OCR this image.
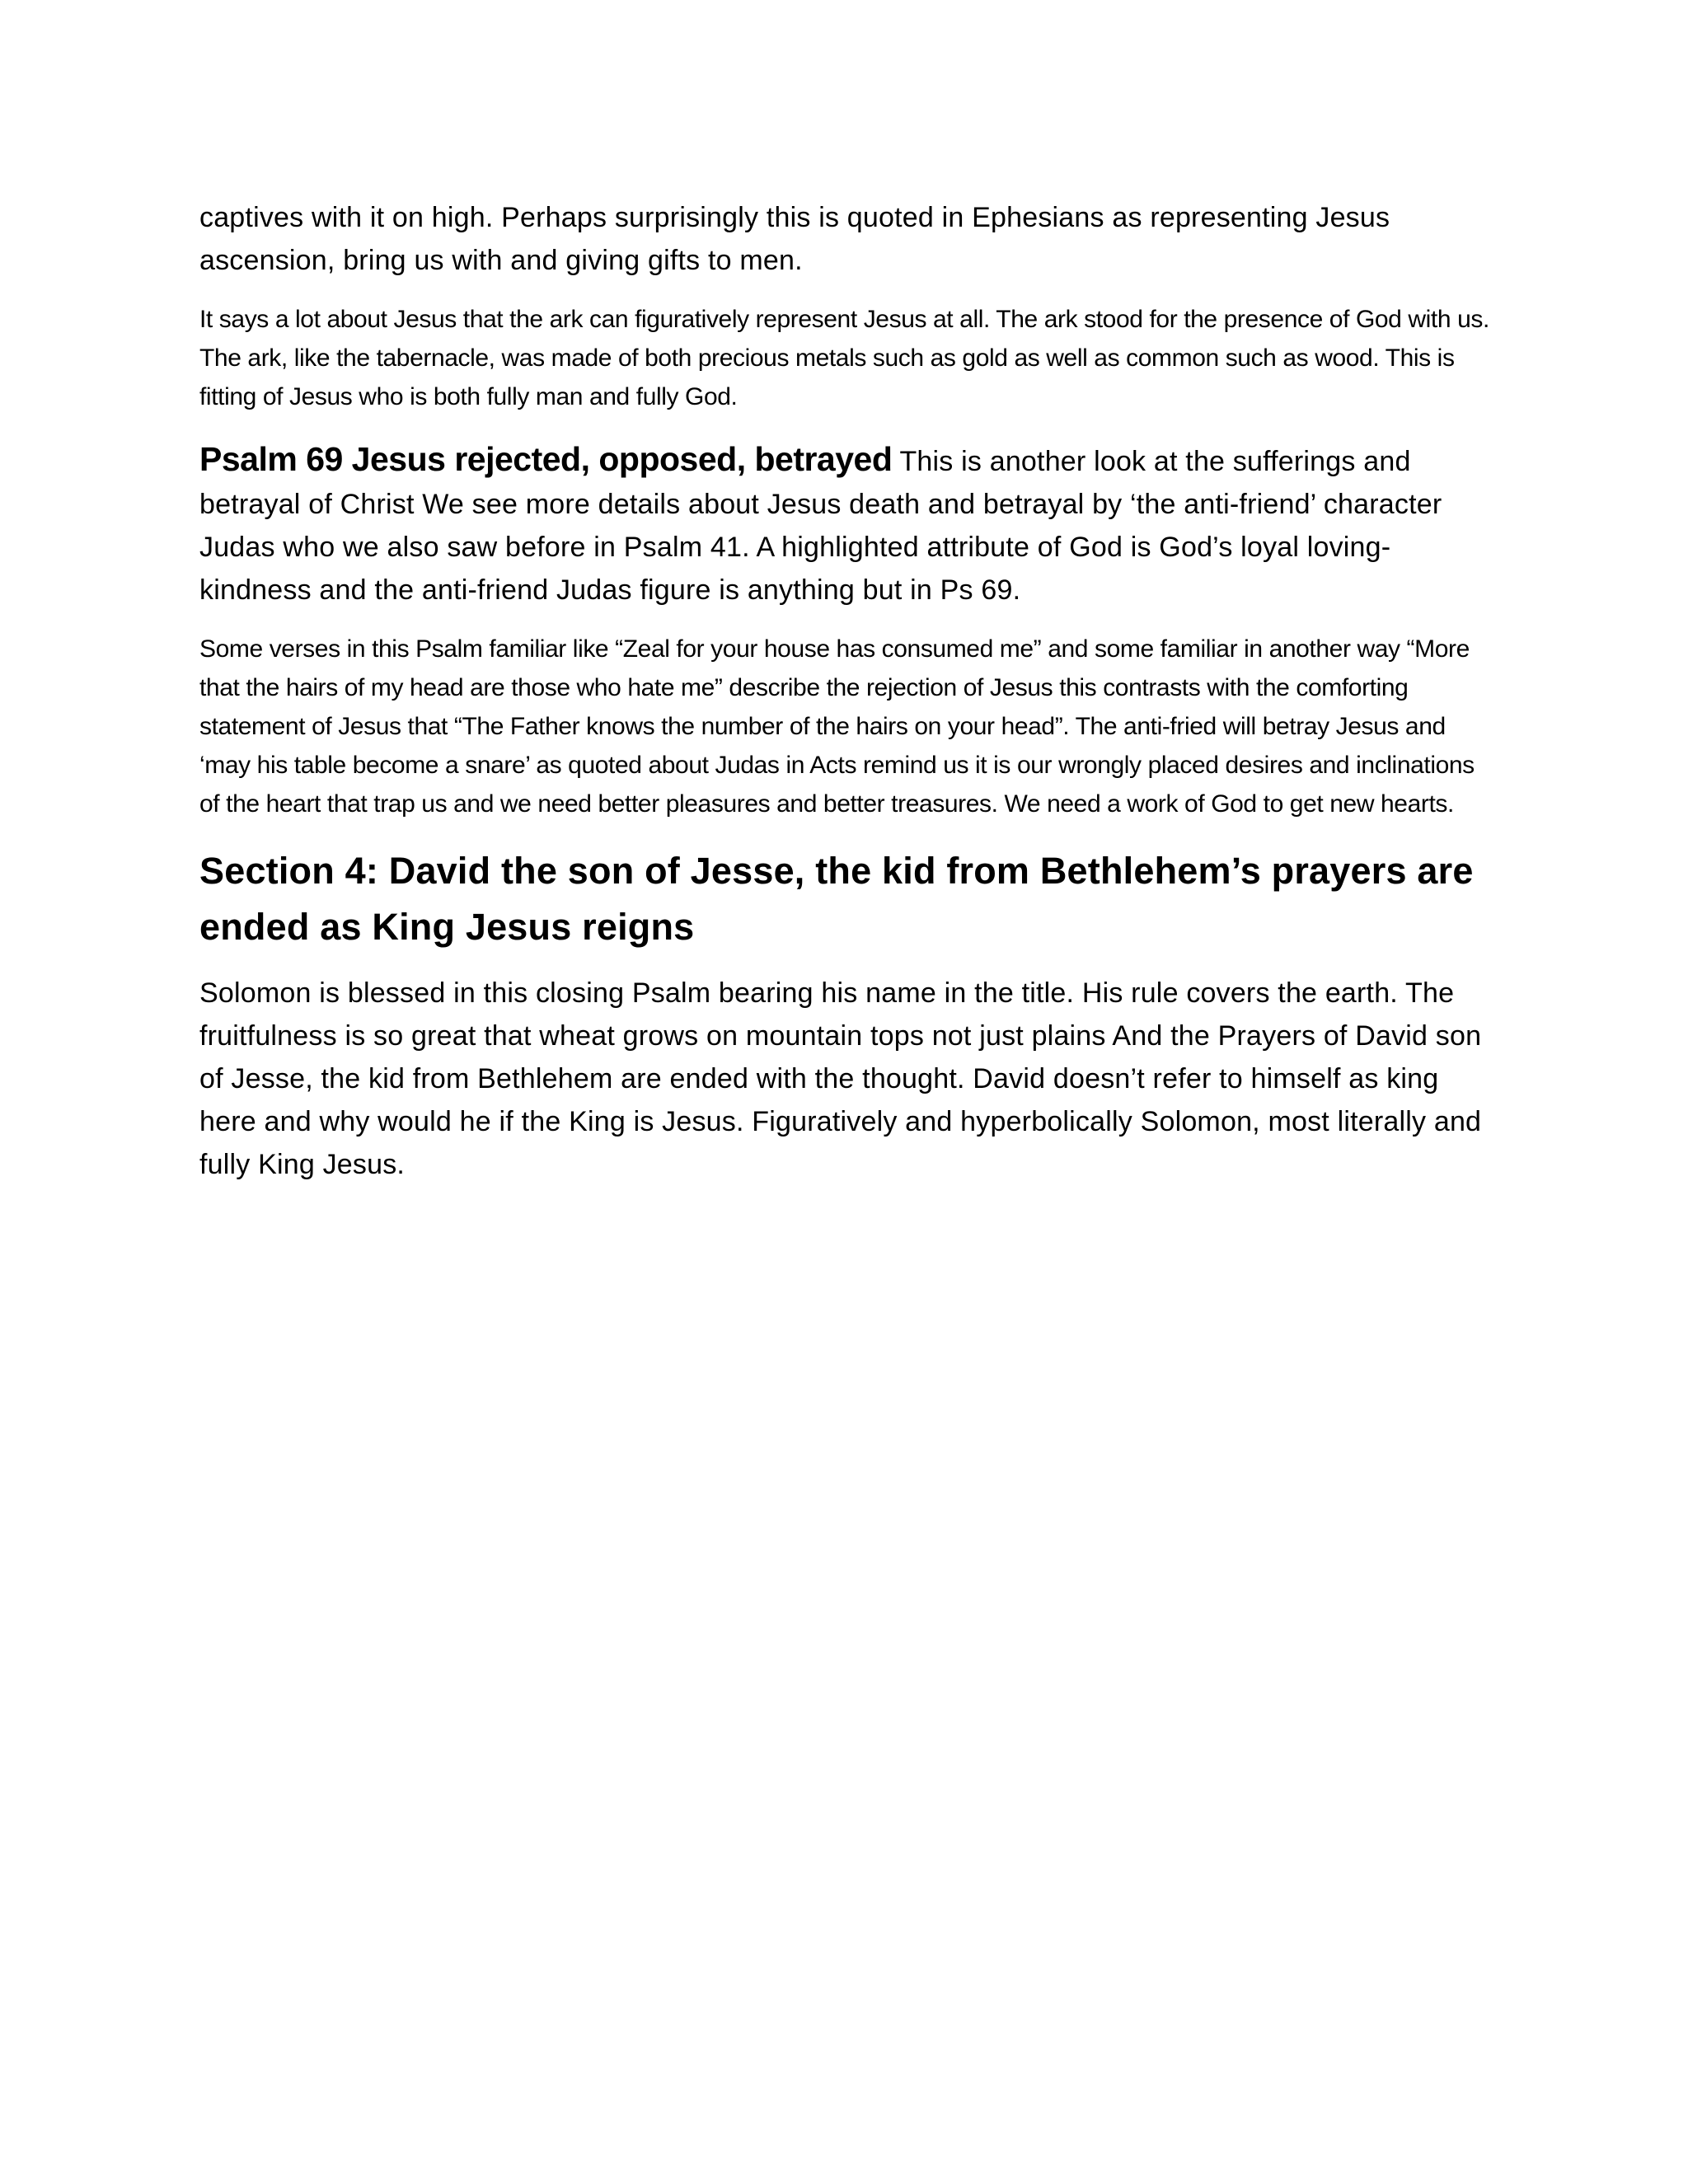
captives with it on high. Perhaps surprisingly this is quoted in Ephesians as representing Jesus ascension, bring us with and giving gifts to men.

It says a lot about Jesus that the ark can figuratively represent Jesus at all. The ark stood for the presence of God with us. The ark, like the tabernacle, was made of both precious metals such as gold as well as common such as wood. This is fitting of Jesus who is both fully man and fully God.

Psalm 69 Jesus rejected, opposed, betrayed This is another look at the sufferings and betrayal of Christ We see more details about Jesus death and betrayal by ‘the anti-friend’ character Judas who we also saw before in Psalm 41. A highlighted attribute of God is God’s loyal loving-kindness and the anti-friend Judas figure is anything but in Ps 69.

Some verses in this Psalm familiar like “Zeal for your house has consumed me” and some familiar in another way “More that the hairs of my head are those who hate me” describe the rejection of Jesus this contrasts with the comforting statement of Jesus that “The Father knows the number of the hairs on your head”. The anti-fried will betray Jesus and ‘may his table become a snare’ as quoted about Judas in Acts remind us it is our wrongly placed desires and inclinations of the heart that trap us and we need better pleasures and better treasures. We need a work of God to get new hearts.

Section 4: David the son of Jesse, the kid from Bethlehem’s prayers are ended as King Jesus reigns

Solomon is blessed in this closing Psalm bearing his name in the title. His rule covers the earth. The fruitfulness is so great that wheat grows on mountain tops not just plains And the Prayers of David son of Jesse, the kid from Bethlehem are ended with the thought. David doesn’t refer to himself as king here and why would he if the King is Jesus. Figuratively and hyperbolically Solomon, most literally and fully King Jesus.
